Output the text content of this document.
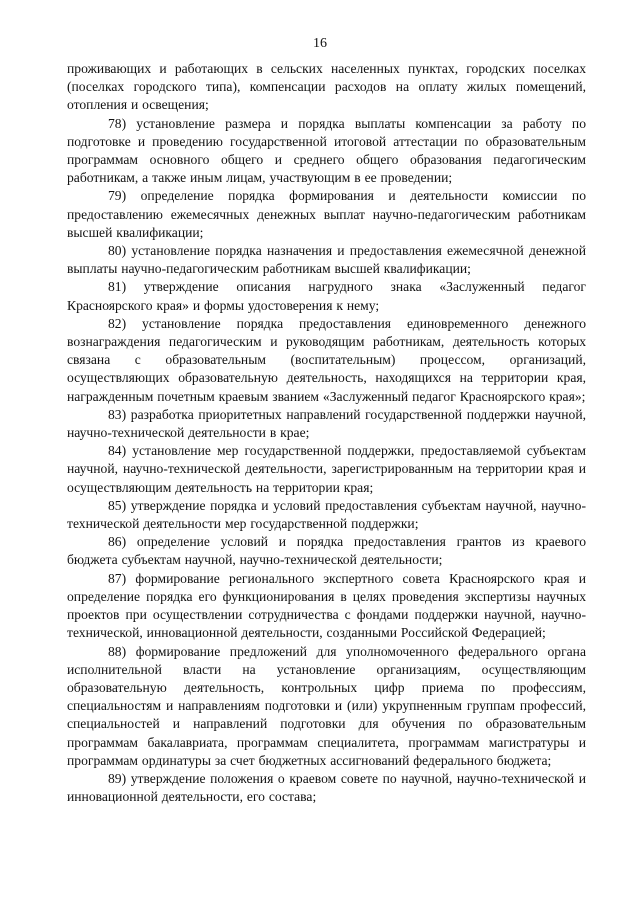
16

проживающих и работающих в сельских населенных пунктах, городских поселках (поселках городского типа), компенсации расходов на оплату жилых помещений, отопления и освещения;

78) установление размера и порядка выплаты компенсации за работу по подготовке и проведению государственной итоговой аттестации по образовательным программам основного общего и среднего общего образования педагогическим работникам, а также иным лицам, участвующим в ее проведении;

79) определение порядка формирования и деятельности комиссии по предоставлению ежемесячных денежных выплат научно-педагогическим работникам высшей квалификации;

80) установление порядка назначения и предоставления ежемесячной денежной выплаты научно-педагогическим работникам высшей квалификации;

81) утверждение описания нагрудного знака «Заслуженный педагог Красноярского края» и формы удостоверения к нему;

82) установление порядка предоставления единовременного денежного вознаграждения педагогическим и руководящим работникам, деятельность которых связана с образовательным (воспитательным) процессом, организаций, осуществляющих образовательную деятельность, находящихся на территории края, награжденным почетным краевым званием «Заслуженный педагог Красноярского края»;

83) разработка приоритетных направлений государственной поддержки научной, научно-технической деятельности в крае;

84) установление мер государственной поддержки, предоставляемой субъектам научной, научно-технической деятельности, зарегистрированным на территории края и осуществляющим деятельность на территории края;

85) утверждение порядка и условий предоставления субъектам научной, научно-технической деятельности мер государственной поддержки;

86) определение условий и порядка предоставления грантов из краевого бюджета субъектам научной, научно-технической деятельности;

87) формирование регионального экспертного совета Красноярского края и определение порядка его функционирования в целях проведения экспертизы научных проектов при осуществлении сотрудничества с фондами поддержки научной, научно-технической, инновационной деятельности, созданными Российской Федерацией;

88) формирование предложений для уполномоченного федерального органа исполнительной власти на установление организациям, осуществляющим образовательную деятельность, контрольных цифр приема по профессиям, специальностям и направлениям подготовки и (или) укрупненным группам профессий, специальностей и направлений подготовки для обучения по образовательным программам бакалавриата, программам специалитета, программам магистратуры и программам ординатуры за счет бюджетных ассигнований федерального бюджета;

89) утверждение положения о краевом совете по научной, научно-технической и инновационной деятельности, его состава;
